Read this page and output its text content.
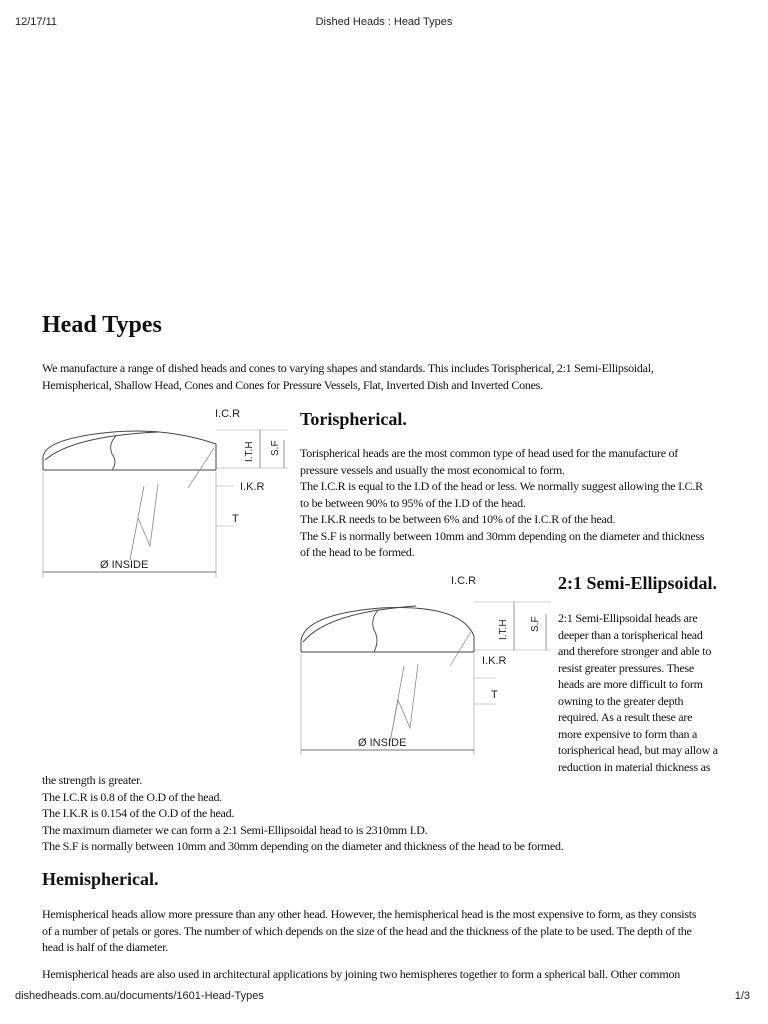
12/17/11	Dished Heads : Head Types
Head Types

We manufacture a range of dished heads and cones to varying shapes and standards. This includes Torispherical, 2:1 Semi-Ellipsoidal,

Hemispherical, Shallow Head, Cones and Cones for Pressure Vessels, Flat, Inverted Dish and Inverted Cones.

I.C.R
I.T.H S.F
I.K.R
T
Ø INSIDE
Torispherical.

Torispherical heads are the most common type of head used for the manufacture of

pressure vessels and usually the most economical to form.

The I.C.R is equal to the I.D of the head or less. We normally suggest allowing the I.C.R

to be between 90% to 95% of the I.D of the head.

The I.K.R needs to be between 6% and 10% of the I.C.R of the head.

The S.F is normally between 10mm and 30mm depending on the diameter and thickness

of the head to be formed.

I.C.R
I.T.H S.F
I.K.R
T
Ø INSIDE
2:1 Semi-Ellipsoidal.

2:1 Semi-Ellipsoidal heads are

deeper than a torispherical head

and therefore stronger and able to

resist greater pressures. These

heads are more difficult to form

owning to the greater depth

required. As a result these are

more expensive to form than a

torispherical head, but may allow a

reduction in material thickness as

the strength is greater.

The I.C.R is 0.8 of the O.D of the head.

The I.K.R is 0.154 of the O.D of the head.

The maximum diameter we can form a 2:1 Semi-Ellipsoidal head to is 2310mm I.D.

The S.F is normally between 10mm and 30mm depending on the diameter and thickness of the head to be formed.

Hemispherical.

Hemispherical heads allow more pressure than any other head. However, the hemispherical head is the most expensive to form, as they consists

of a number of petals or gores. The number of which depends on the size of the head and the thickness of the plate to be used. The depth of the

head is half of the diameter.

Hemispherical heads are also used in architectural applications by joining two hemispheres together to form a spherical ball. Other common

dishedheads.com.au/documents/1601-Head-Types	1/3
